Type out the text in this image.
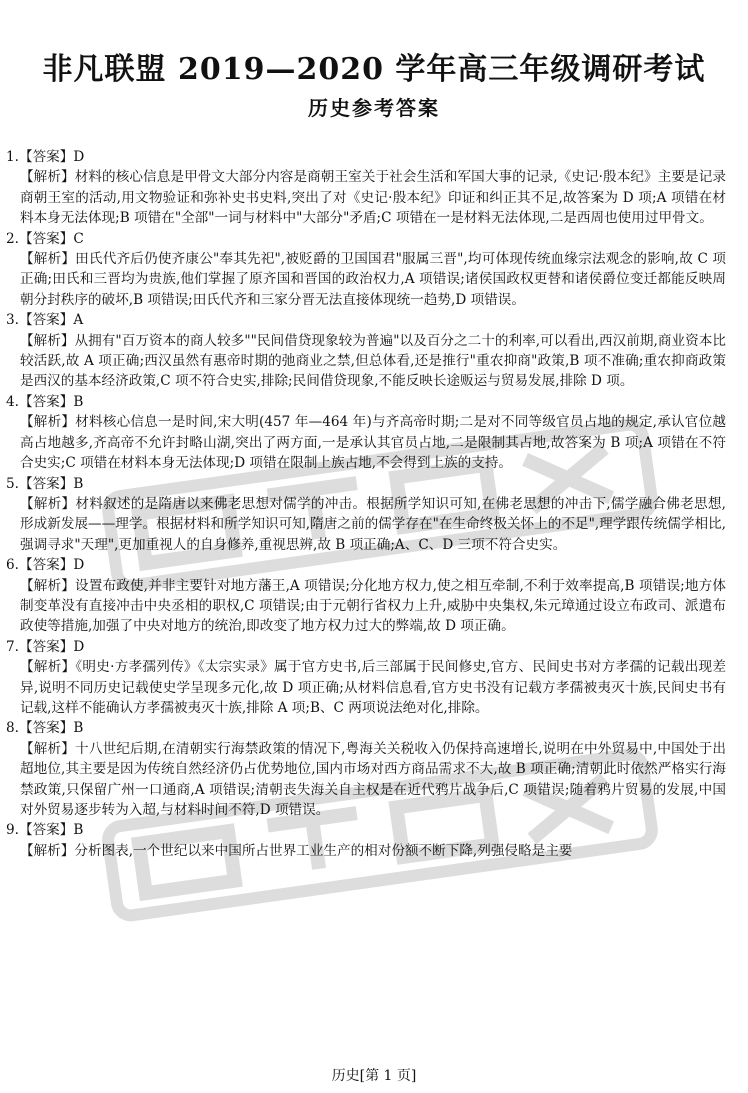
非凡联盟 2019—2020 学年高三年级调研考试
历史参考答案
1.【答案】D
【解析】材料的核心信息是甲骨文大部分内容是商朝王室关于社会生活和军国大事的记录,《史记·殷本纪》主要是记录商朝王室的活动,用文物验证和弥补史书史料,突出了对《史记·殷本纪》印证和纠正其不足,故答案为 D 项;A 项错在材料本身无法体现;B 项错在"全部"一词与材料中"大部分"矛盾;C 项错在一是材料无法体现,二是西周也使用过甲骨文。
2.【答案】C
【解析】田氏代齐后仍使齐康公"奉其先祀",被贬爵的卫国国君"服属三晋",均可体现传统血缘宗法观念的影响,故 C 项正确;田氏和三晋均为贵族,他们掌握了原齐国和晋国的政治权力,A 项错误;诸侯国政权更替和诸侯爵位变迁都能反映周朝分封秩序的破坏,B 项错误;田氏代齐和三家分晋无法直接体现统一趋势,D 项错误。
3.【答案】A
【解析】从拥有"百万资本的商人较多""民间借贷现象较为普遍"以及百分之二十的利率,可以看出,西汉前期,商业资本比较活跃,故 A 项正确;西汉虽然有惠帝时期的弛商业之禁,但总体看,还是推行"重农抑商"政策,B 项不准确;重农抑商政策是西汉的基本经济政策,C 项不符合史实,排除;民间借贷现象,不能反映长途贩运与贸易发展,排除 D 项。
4.【答案】B
【解析】材料核心信息一是时间,宋大明(457 年—464 年)与齐高帝时期;二是对不同等级官员占地的规定,承认官位越高占地越多,齐高帝不允许封略山湖,突出了两方面,一是承认其官员占地,二是限制其占地,故答案为 B 项;A 项错在不符合史实;C 项错在材料本身无法体现;D 项错在限制上族占地,不会得到上族的支持。
5.【答案】B
【解析】材料叙述的是隋唐以来佛老思想对儒学的冲击。根据所学知识可知,在佛老思想的冲击下,儒学融合佛老思想,形成新发展——理学。根据材料和所学知识可知,隋唐之前的儒学存在"在生命终极关怀上的不足",理学跟传统儒学相比,强调寻求"天理",更加重视人的自身修养,重视思辨,故 B 项正确;A、C、D 三项不符合史实。
6.【答案】D
【解析】设置布政使,并非主要针对地方藩王,A 项错误;分化地方权力,使之相互牵制,不利于效率提高,B 项错误;地方体制变革没有直接冲击中央丞相的职权,C 项错误;由于元朝行省权力上升,威胁中央集权,朱元璋通过设立布政司、派遣布政使等措施,加强了中央对地方的统治,即改变了地方权力过大的弊端,故 D 项正确。
7.【答案】D
【解析】《明史·方孝孺列传》《太宗实录》属于官方史书,后三部属于民间修史,官方、民间史书对方孝孺的记载出现差异,说明不同历史记载使史学呈现多元化,故 D 项正确;从材料信息看,官方史书没有记载方孝孺被夷灭十族,民间史书有记载,这样不能确认方孝孺被夷灭十族,排除 A 项;B、C 两项说法绝对化,排除。
8.【答案】B
【解析】十八世纪后期,在清朝实行海禁政策的情况下,粤海关关税收入仍保持高速增长,说明在中外贸易中,中国处于出超地位,其主要是因为传统自然经济仍占优势地位,国内市场对西方商品需求不大,故 B 项正确;清朝此时依然严格实行海禁政策,只保留广州一口通商,A 项错误;清朝丧失海关自主权是在近代鸦片战争后,C 项错误;随着鸦片贸易的发展,中国对外贸易逐步转为入超,与材料时间不符,D 项错误。
9.【答案】B
【解析】分析图表,一个世纪以来中国所占世界工业生产的相对份额不断下降,列强侵略是主要
历史[第 1 页]
